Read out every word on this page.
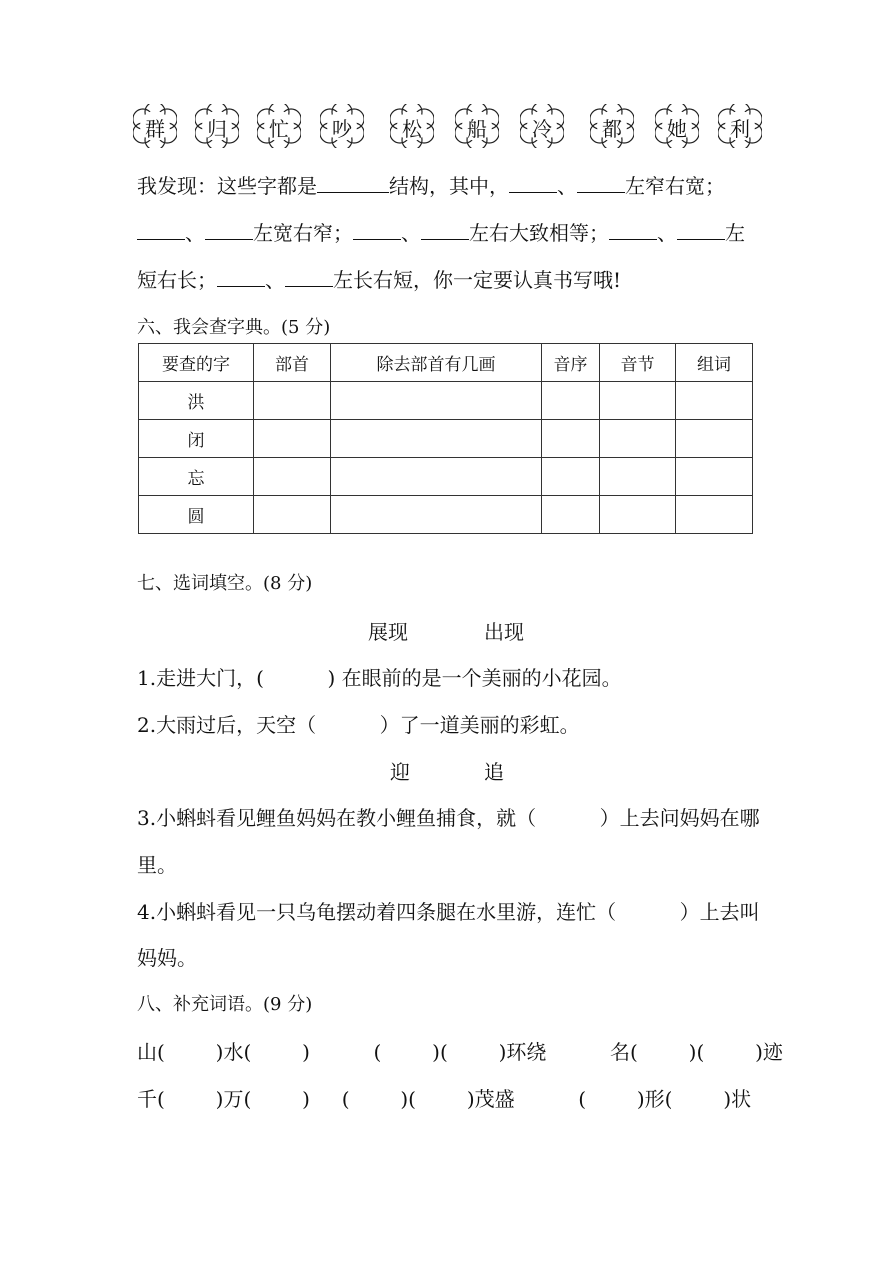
群	归	忙	吵	松	船	冷	都	她	利
我发现：这些字都是	结构，其中， 、 左窄右宽；
、 左宽右窄； 、 左右大致相等； 、 左
短右长； 、 左长右短，你一定要认真书写哦!
六、我会查字典。(5 分)
要查的字	部首	除去部首有几画	音序	音节	组词
洪					
闭					
忘					
圆					
七、选词填空。(8 分)
展现	出现
1.走进大门，(          ) 在眼前的是一个美丽的小花园。
2.大雨过后，天空（          ）了一道美丽的彩虹。
迎	追
3.小蝌蚪看见鲤鱼妈妈在教小鲤鱼捕食，就（          ）上去问妈妈在哪
里。
4.小蝌蚪看见一只乌龟摆动着四条腿在水里游，连忙（          ）上去叫
妈妈。
八、补充词语。(9 分)
山(        )水(        )          (        )(        )环绕          名(        )(        )迹
千(        )万(        )     (        )(        )茂盛          (        )形(        )状
